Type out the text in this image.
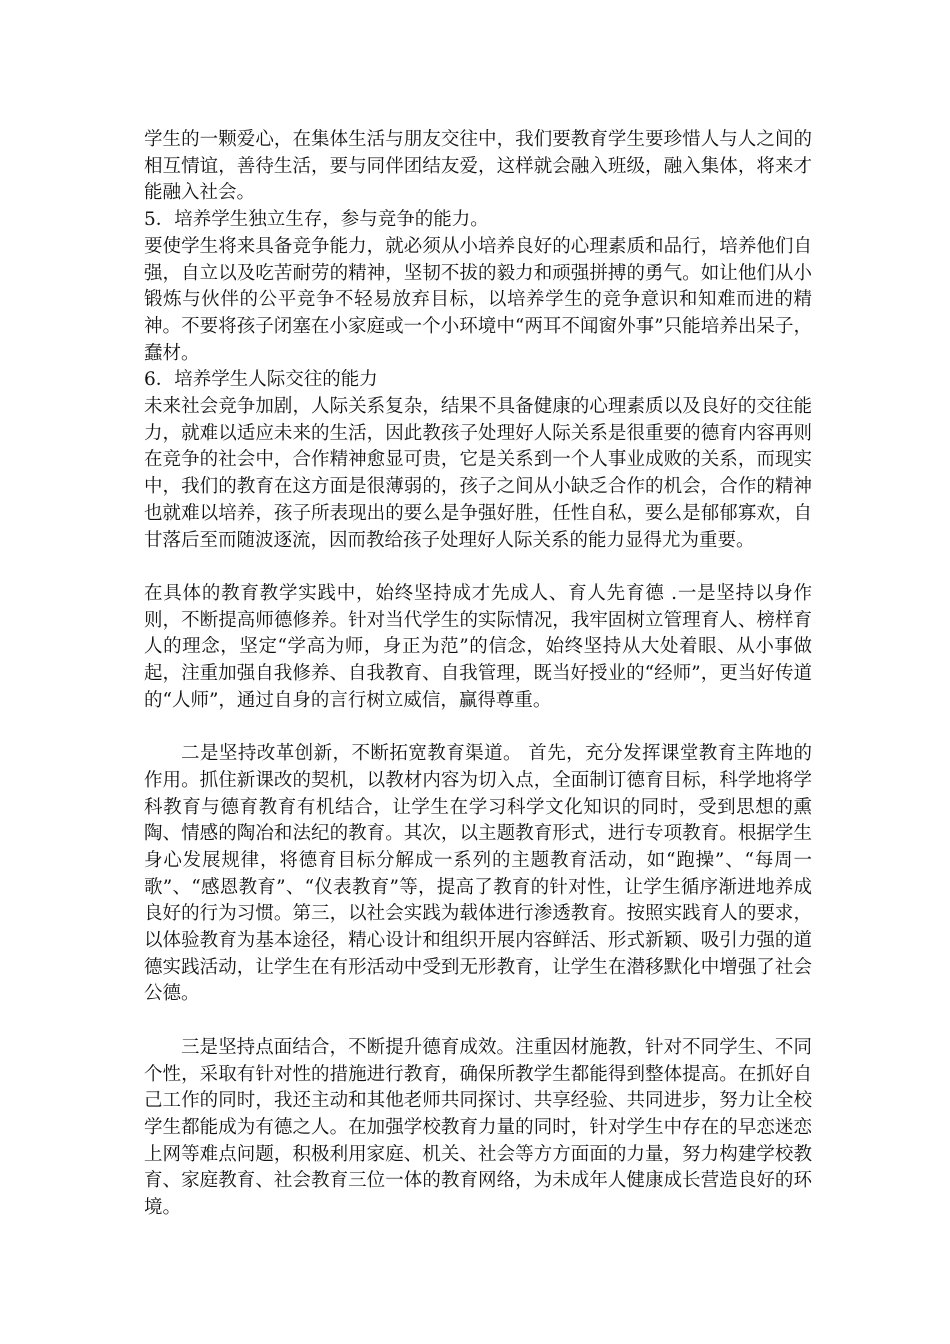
学生的一颗爱心，在集体生活与朋友交往中，我们要教育学生要珍惜人与人之间的相互情谊，善待生活，要与同伴团结友爱，这样就会融入班级，融入集体，将来才能融入社会。

5．培养学生独立生存，参与竞争的能力。

要使学生将来具备竞争能力，就必须从小培养良好的心理素质和品行，培养他们自强，自立以及吃苦耐劳的精神，坚韧不拔的毅力和顽强拼搏的勇气。如让他们从小锻炼与伙伴的公平竞争不轻易放弃目标，以培养学生的竞争意识和知难而进的精神。不要将孩子闭塞在小家庭或一个小环境中“两耳不闻窗外事”只能培养出呆子，蠢材。

6．培养学生人际交往的能力

未来社会竞争加剧，人际关系复杂，结果不具备健康的心理素质以及良好的交往能力，就难以适应未来的生活，因此教孩子处理好人际关系是很重要的德育内容再则在竞争的社会中，合作精神愈显可贵，它是关系到一个人事业成败的关系，而现实中，我们的教育在这方面是很薄弱的，孩子之间从小缺乏合作的机会，合作的精神也就难以培养，孩子所表现出的要么是争强好胜，任性自私，要么是郁郁寡欢，自甘落后至而随波逐流，因而教给孩子处理好人际关系的能力显得尤为重要。

在具体的教育教学实践中，始终坚持成才先成人、育人先育德 .一是坚持以身作则，不断提高师德修养。针对当代学生的实际情况，我牢固树立管理育人、榜样育人的理念，坚定“学高为师，身正为范”的信念，始终坚持从大处着眼、从小事做起，注重加强自我修养、自我教育、自我管理，既当好授业的“经师”，更当好传道的“人师”，通过自身的言行树立威信，赢得尊重。

二是坚持改革创新，不断拓宽教育渠道。 首先，充分发挥课堂教育主阵地的作用。抓住新课改的契机，以教材内容为切入点，全面制订德育目标，科学地将学科教育与德育教育有机结合，让学生在学习科学文化知识的同时，受到思想的熏陶、情感的陶冶和法纪的教育。其次，以主题教育形式，进行专项教育。根据学生身心发展规律，将德育目标分解成一系列的主题教育活动，如“跑操”、“每周一歌”、“感恩教育”、“仪表教育”等，提高了教育的针对性，让学生循序渐进地养成良好的行为习惯。第三，以社会实践为载体进行渗透教育。按照实践育人的要求，以体验教育为基本途径，精心设计和组织开展内容鲜活、形式新颖、吸引力强的道德实践活动，让学生在有形活动中受到无形教育，让学生在潜移默化中增强了社会公德。

三是坚持点面结合，不断提升德育成效。注重因材施教，针对不同学生、不同个性，采取有针对性的措施进行教育，确保所教学生都能得到整体提高。在抓好自己工作的同时，我还主动和其他老师共同探讨、共享经验、共同进步，努力让全校学生都能成为有德之人。在加强学校教育力量的同时，针对学生中存在的早恋迷恋上网等难点问题，积极利用家庭、机关、社会等方方面面的力量，努力构建学校教育、家庭教育、社会教育三位一体的教育网络，为未成年人健康成长营造良好的环境。
